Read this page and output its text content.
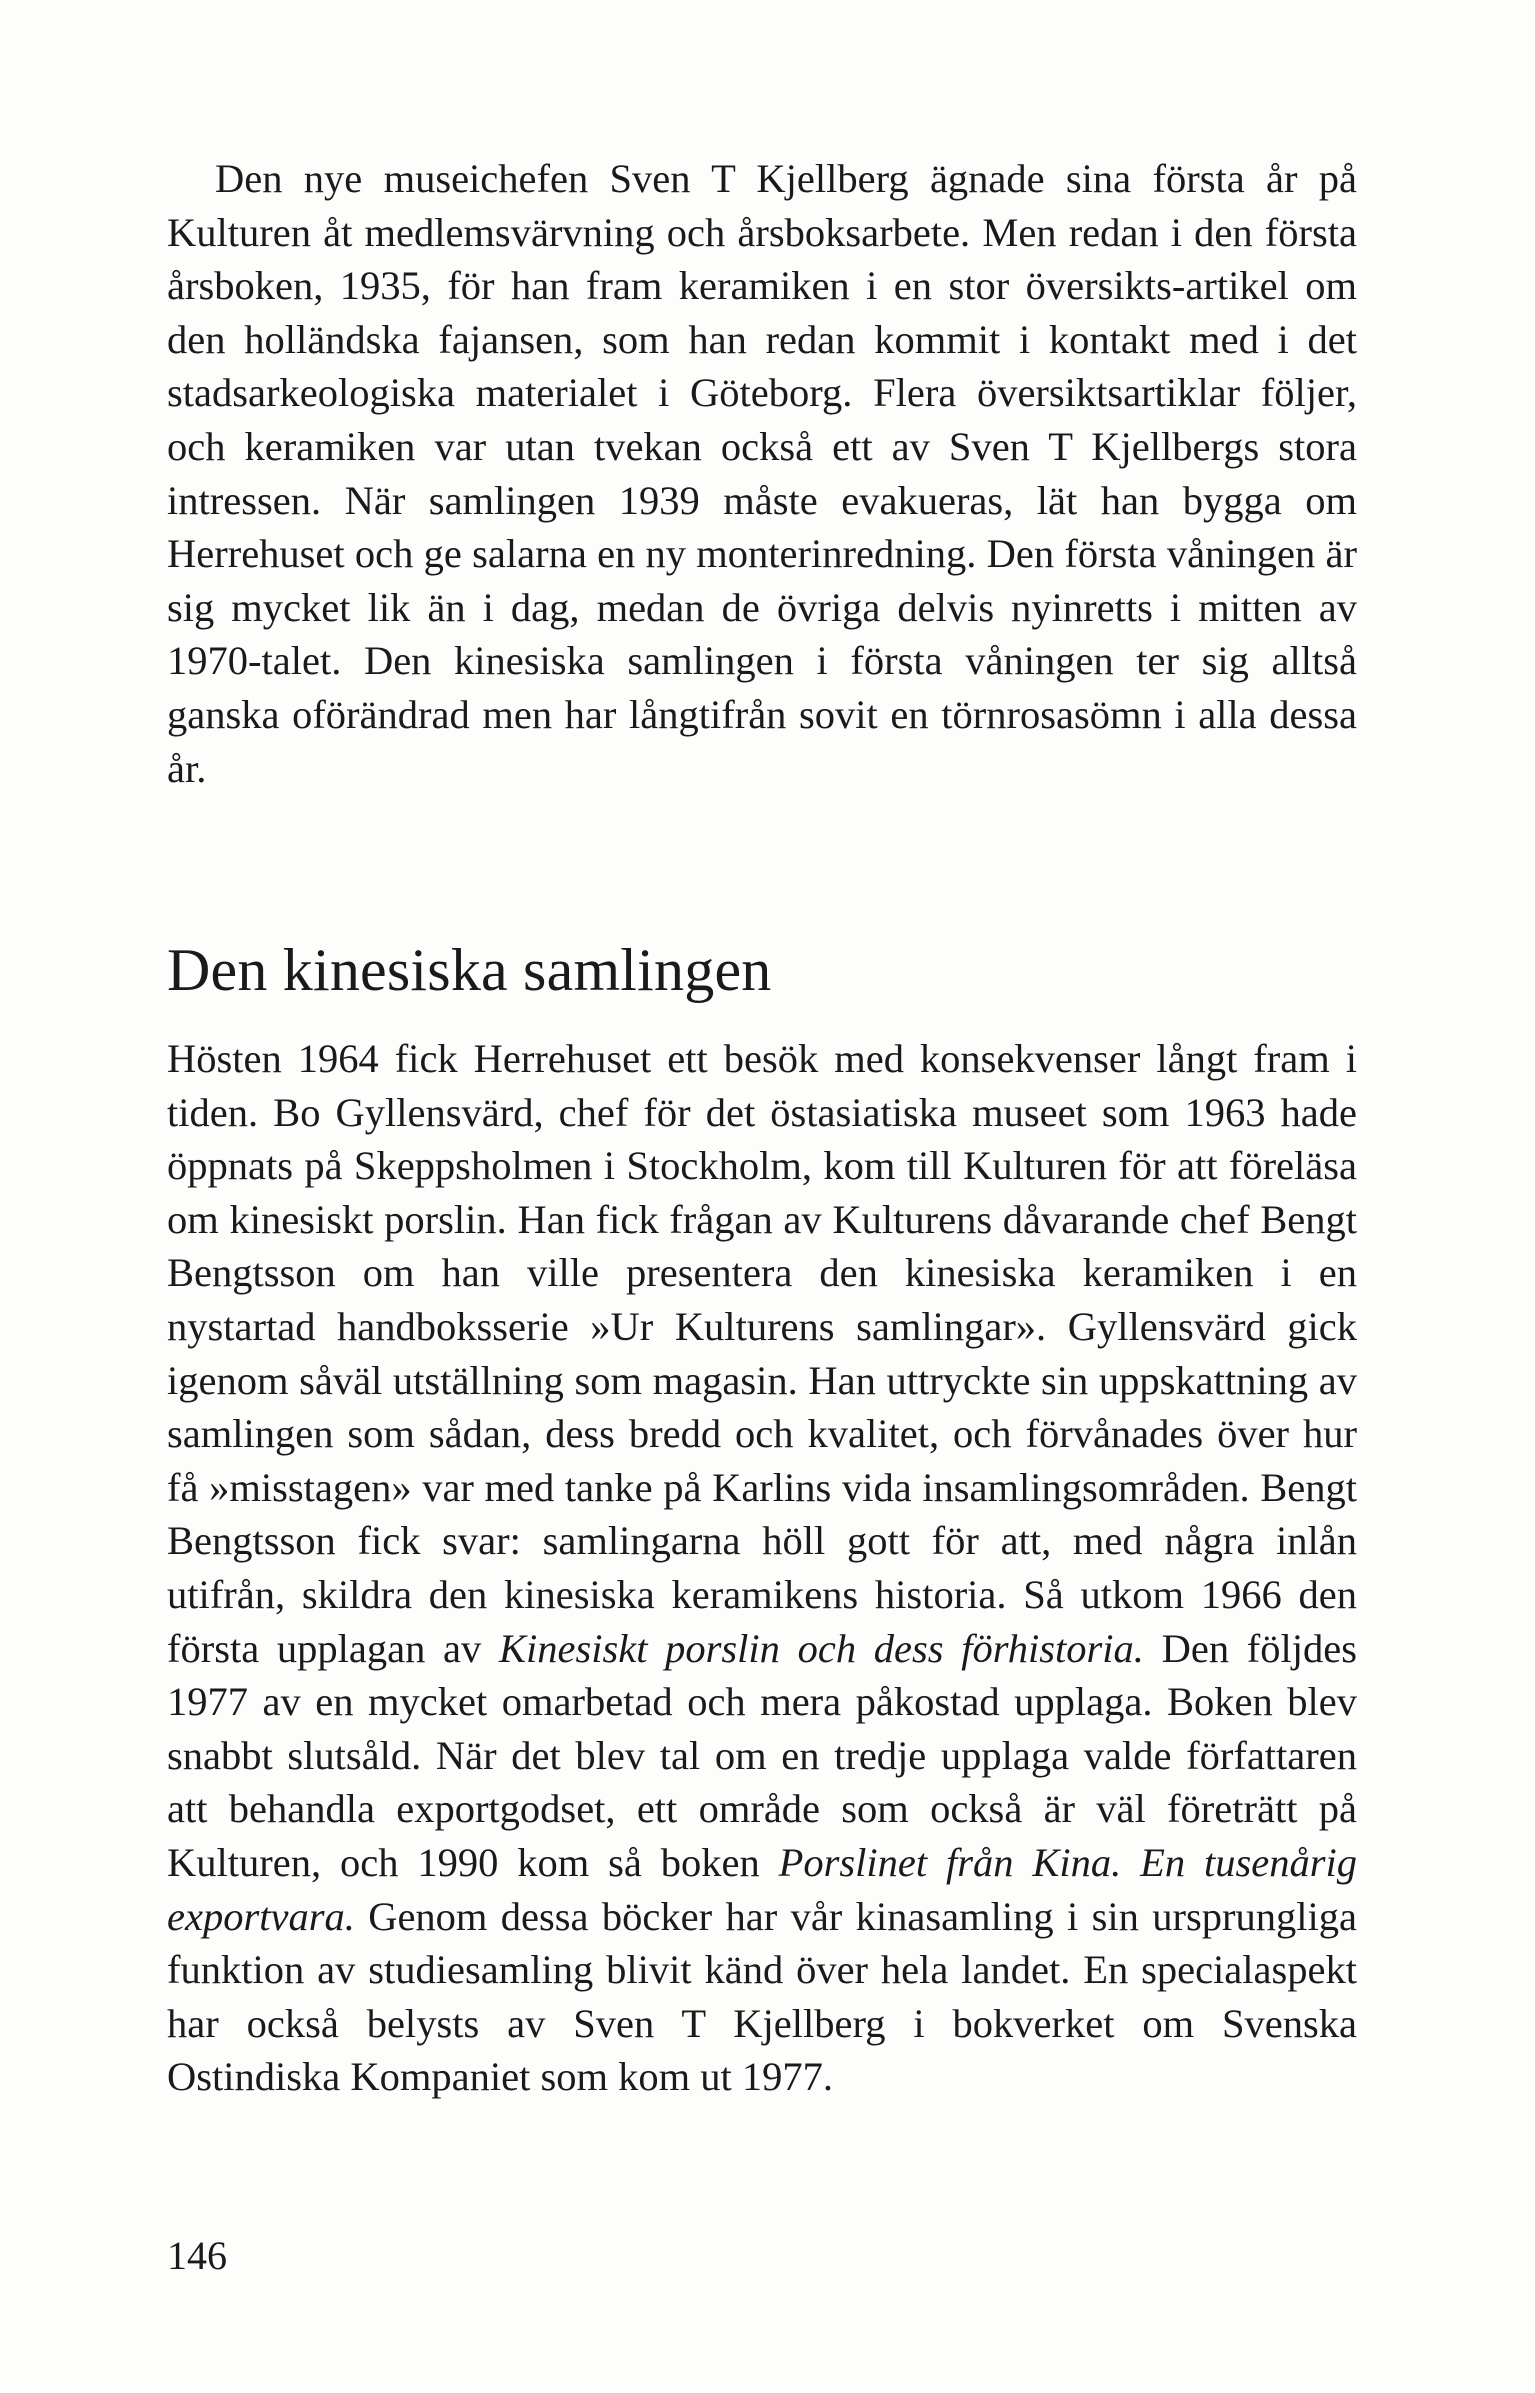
Den nye museichefen Sven T Kjellberg ägnade sina första år på Kulturen åt medlemsvärvning och årsboksarbete. Men redan i den första årsboken, 1935, för han fram keramiken i en stor översikts-artikel om den holländska fajansen, som han redan kommit i kontakt med i det stadsarkeologiska materialet i Göteborg. Flera översiktsartiklar följer, och keramiken var utan tvekan också ett av Sven T Kjellbergs stora intressen. När samlingen 1939 måste evakueras, lät han bygga om Herrehuset och ge salarna en ny monterinredning. Den första våningen är sig mycket lik än i dag, medan de övriga delvis nyinretts i mitten av 1970-talet. Den kinesiska samlingen i första våningen ter sig alltså ganska oförändrad men har långtifrån sovit en törnrosasömn i alla dessa år.

Den kinesiska samlingen

Hösten 1964 fick Herrehuset ett besök med konsekvenser långt fram i tiden. Bo Gyllensvärd, chef för det östasiatiska museet som 1963 hade öppnats på Skeppsholmen i Stockholm, kom till Kulturen för att föreläsa om kinesiskt porslin. Han fick frågan av Kulturens dåvarande chef Bengt Bengtsson om han ville presentera den kinesiska keramiken i en nystartad handboksserie »Ur Kulturens samlingar». Gyllensvärd gick igenom såväl utställning som magasin. Han uttryckte sin uppskattning av samlingen som sådan, dess bredd och kvalitet, och förvånades över hur få »misstagen» var med tanke på Karlins vida insamlingsområden. Bengt Bengtsson fick svar: samlingarna höll gott för att, med några inlån utifrån, skildra den kinesiska keramikens historia. Så utkom 1966 den första upplagan av Kinesiskt porslin och dess förhistoria. Den följdes 1977 av en mycket omarbetad och mera påkostad upplaga. Boken blev snabbt slutsåld. När det blev tal om en tredje upplaga valde författaren att behandla exportgodset, ett område som också är väl företrätt på Kulturen, och 1990 kom så boken Porslinet från Kina. En tusenårig exportvara. Genom dessa böcker har vår kinasamling i sin ursprungliga funktion av studiesamling blivit känd över hela landet. En specialaspekt har också belysts av Sven T Kjellberg i bokverket om Svenska Ostindiska Kompaniet som kom ut 1977.

146
